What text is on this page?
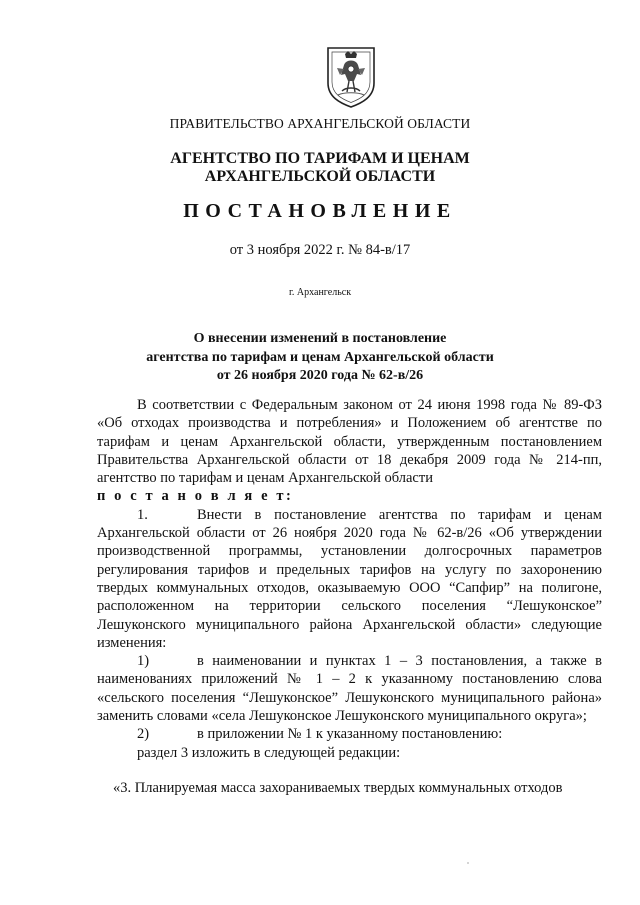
ПРАВИТЕЛЬСТВО АРХАНГЕЛЬСКОЙ ОБЛАСТИ
АГЕНТСТВО ПО ТАРИФАМ И ЦЕНАМ
АРХАНГЕЛЬСКОЙ ОБЛАСТИ
ПОСТАНОВЛЕНИЕ
от 3 ноября 2022 г. № 84-в/17
г. Архангельск
О внесении изменений в постановление
агентства по тарифам и ценам Архангельской области
от 26 ноября 2020 года № 62-в/26

В соответствии с Федеральным законом от 24 июня 1998 года № 89-ФЗ «Об отходах производства и потребления» и Положением об агентстве по тарифам и ценам Архангельской области, утвержденным постановлением Правительства Архангельской области от 18 декабря 2009 года № 214-пп, агентство по тарифам и ценам Архангельской области

п о с т а н о в л я е т:

1.	Внести в постановление агентства по тарифам и ценам Архангельской области от 26 ноября 2020 года № 62-в/26 «Об утверждении производственной программы, установлении долгосрочных параметров регулирования тарифов и предельных тарифов на услугу по захоронению твердых коммунальных отходов, оказываемую ООО “Сапфир” на полигоне, расположенном на территории сельского поселения “Лешуконское” Лешуконского муниципального района Архангельской области» следующие изменения:

1)	в наименовании и пунктах 1 – 3 постановления, а также в наименованиях приложений № 1 – 2 к указанному постановлению слова «сельского поселения “Лешуконское” Лешуконского муниципального района» заменить словами «села Лешуконское Лешуконского муниципального округа»;

2)	в приложении № 1 к указанному постановлению:

раздел 3 изложить в следующей редакции:

«3. Планируемая масса захораниваемых твердых коммунальных отходов
